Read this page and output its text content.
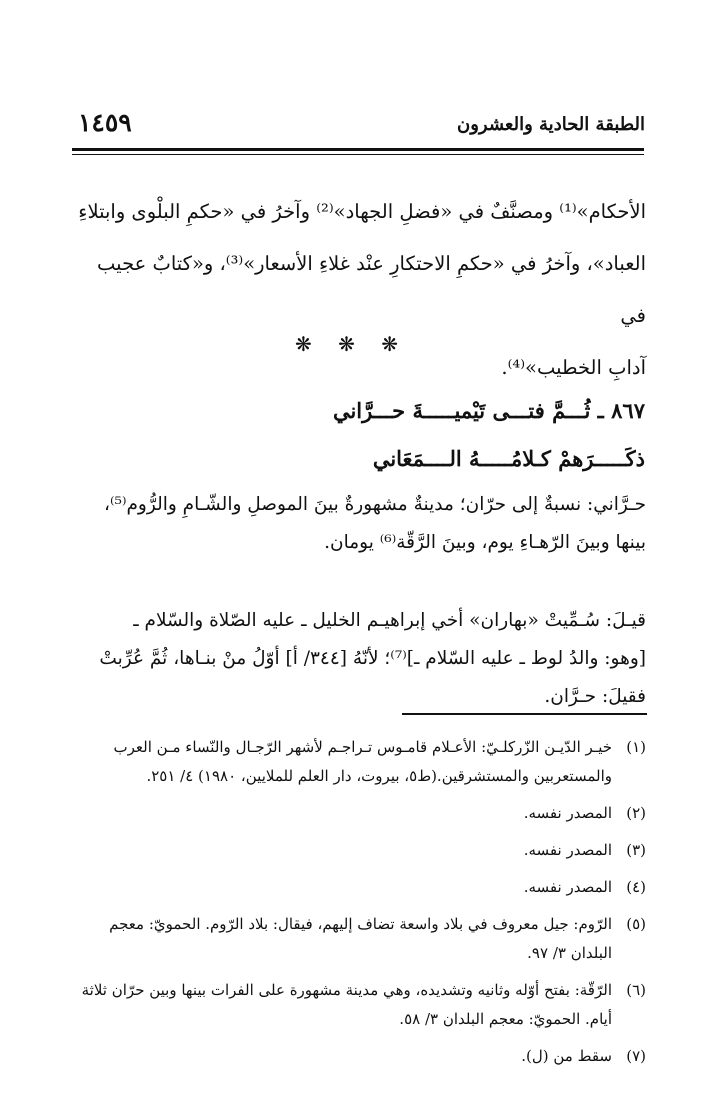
١٤٥٩	الطبقة الحادية والعشرون

الأحكام»⁽¹⁾ ومصنَّفٌ في «فضلِ الجهاد»⁽²⁾ وآخرُ في «حكمِ البلْوى وابتلاءِ

العباد»، وآخرُ في «حكمِ الاحتكارِ عنْد غلاءِ الأسعار»⁽³⁾، و«كتابٌ عجيب في

آدابِ الخطيب»⁽⁴⁾.

❋ ❋ ❋
٨٦٧ ـ ثُـــمَّ فتـــى تَيْميـــــةَ حـــرَّاني
ذكَـــــرَهمْ كـلامُـــــهُ الــــمَعَاني

حـرَّاني: نسبةٌ إلى حرّان؛ مدينةٌ مشهورةٌ بينَ الموصلِ والشّـامِ والرُّوم⁽⁵⁾،

بينها وبينَ الرّهـاءِ يوم، وبينَ الرَّقّة⁽⁶⁾ يومان.

قيـلَ: سُـمِّيتْ «بهاران» أخي إبراهيـم الخليل ـ عليه الصّلاة والسّلام ـ

[وهو: والدُ لوط ـ عليه السّلام ـ]⁽⁷⁾؛ لأنّهُ [٣٤٤/ أ] أوّلُ منْ بنـاها، ثُمَّ عُرِّبتْ

فقيلَ: حـرَّان.

(١)
خيـر الدّيـن الزّركلـيّ: الأعـلام قامـوس تـراجـم لأشهر الرّجـال والنّساء مـن العرب والمستعربين والمستشرقين.(ط٥، بيروت، دار العلم للملايين، ١٩٨٠) ٤/ ٢٥١.
(٢)
المصدر نفسه.
(٣)
المصدر نفسه.
(٤)
المصدر نفسه.
(٥)
الرّوم: جيل معروف في بلاد واسعة تضاف إليهم، فيقال: بلاد الرّوم. الحمويّ: معجم البلدان ٣/ ٩٧.
(٦)
الرّقّة: بفتح أوّله وثانيه وتشديده، وهي مدينة مشهورة على الفرات بينها وبين حرّان ثلاثة أيام. الحمويّ: معجم البلدان ٣/ ٥٨.
(٧)
سقط من (ل).
